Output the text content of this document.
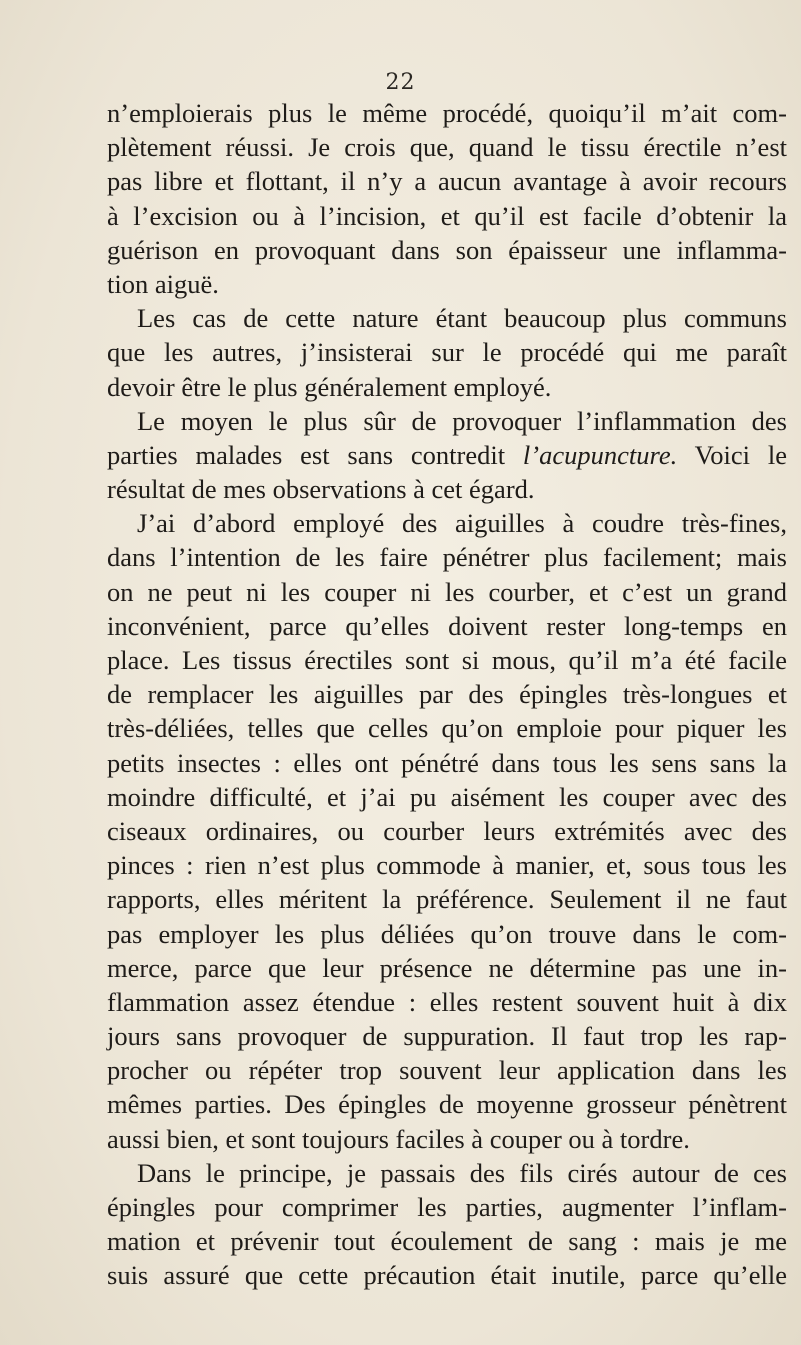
22
n’emploierais plus le même procédé, quoiqu’il m’ait com-
plètement réussi. Je crois que, quand le tissu érectile n’est
pas libre et flottant, il n’y a aucun avantage à avoir recours
à l’excision ou à l’incision, et qu’il est facile d’obtenir la
guérison en provoquant dans son épaisseur une inflamma-
tion aiguë.
Les cas de cette nature étant beaucoup plus communs
que les autres, j’insisterai sur le procédé qui me paraît
devoir être le plus généralement employé.
Le moyen le plus sûr de provoquer l’inflammation des
parties malades est sans contredit l’acupuncture. Voici le
résultat de mes observations à cet égard.
J’ai d’abord employé des aiguilles à coudre très-fines,
dans l’intention de les faire pénétrer plus facilement; mais
on ne peut ni les couper ni les courber, et c’est un grand
inconvénient, parce qu’elles doivent rester long-temps en
place. Les tissus érectiles sont si mous, qu’il m’a été facile
de remplacer les aiguilles par des épingles très-longues et
très-déliées, telles que celles qu’on emploie pour piquer les
petits insectes : elles ont pénétré dans tous les sens sans la
moindre difficulté, et j’ai pu aisément les couper avec des
ciseaux ordinaires, ou courber leurs extrémités avec des
pinces : rien n’est plus commode à manier, et, sous tous les
rapports, elles méritent la préférence. Seulement il ne faut
pas employer les plus déliées qu’on trouve dans le com-
merce, parce que leur présence ne détermine pas une in-
flammation assez étendue : elles restent souvent huit à dix
jours sans provoquer de suppuration. Il faut trop les rap-
procher ou répéter trop souvent leur application dans les
mêmes parties. Des épingles de moyenne grosseur pénètrent
aussi bien, et sont toujours faciles à couper ou à tordre.
Dans le principe, je passais des fils cirés autour de ces
épingles pour comprimer les parties, augmenter l’inflam-
mation et prévenir tout écoulement de sang : mais je me
suis assuré que cette précaution était inutile, parce qu’elle
